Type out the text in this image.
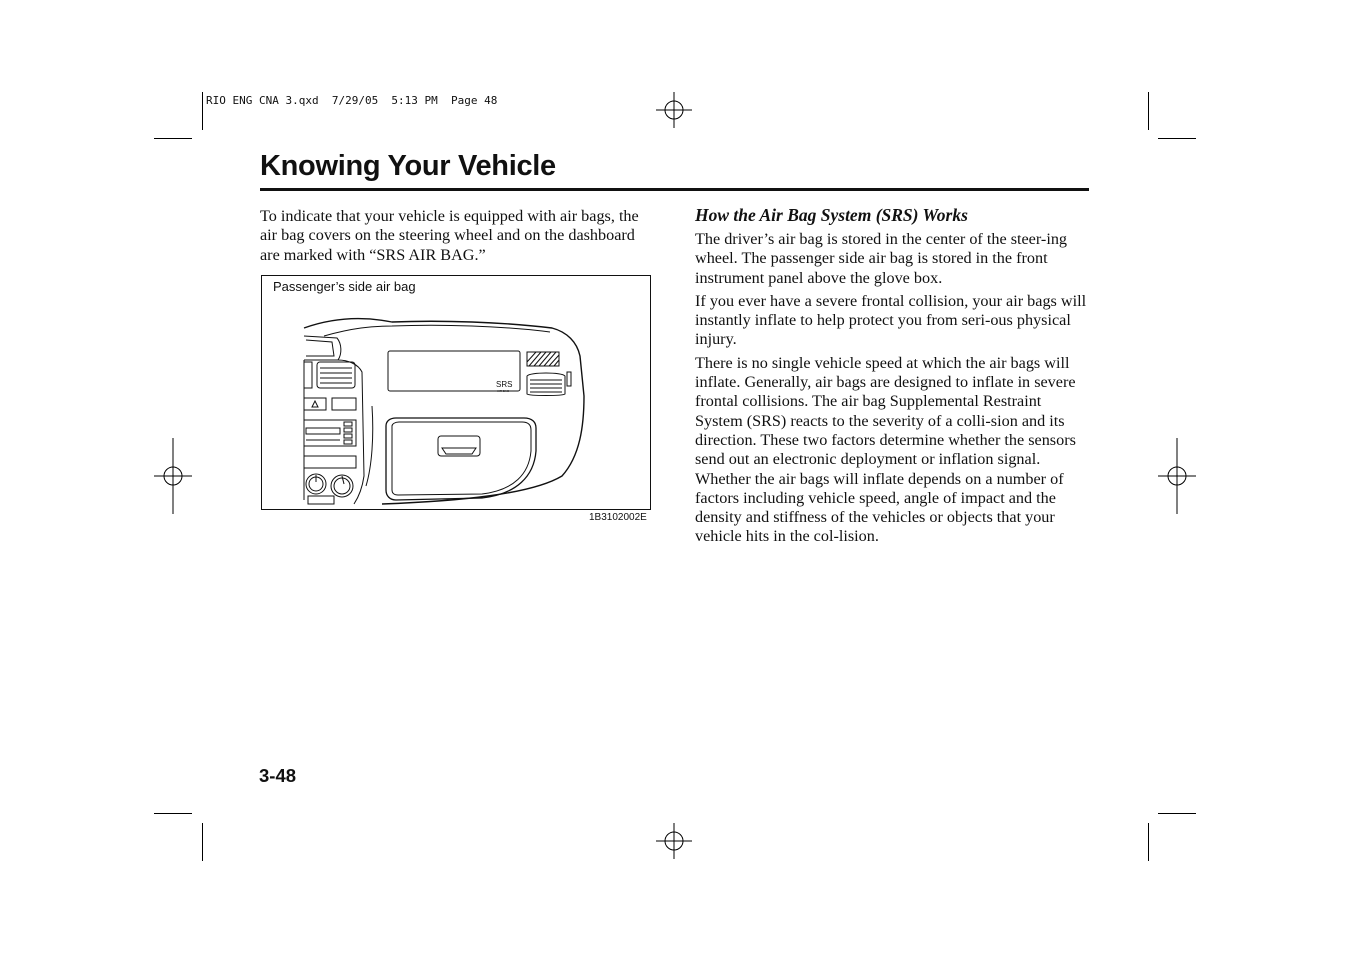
RIO ENG CNA 3.qxd  7/29/05  5:13 PM  Page 48
Knowing Your Vehicle

To indicate that your vehicle is equipped with air bags, the air bag covers on the steering wheel and on the dashboard are marked with “SRS AIR BAG.”

Passenger’s side air bag
SRS
AIR BAG
1B3102002E

How the Air Bag System (SRS) Works

The driver’s air bag is stored in the center of the steer-ing wheel. The passenger side air bag is stored in the front instrument panel above the glove box.

If you ever have a severe frontal collision, your air bags will instantly inflate to help protect you from seri-ous physical injury.

There is no single vehicle speed at which the air bags will inflate. Generally, air bags are designed to inflate in severe frontal collisions. The air bag Supplemental Restraint System (SRS) reacts to the severity of a colli-sion and its direction. These two factors determine whether the sensors send out an electronic deployment or inflation signal. Whether the air bags will inflate depends on a number of factors including vehicle speed, angle of impact and the density and stiffness of the vehicles or objects that your vehicle hits in the col-lision.

3-48
